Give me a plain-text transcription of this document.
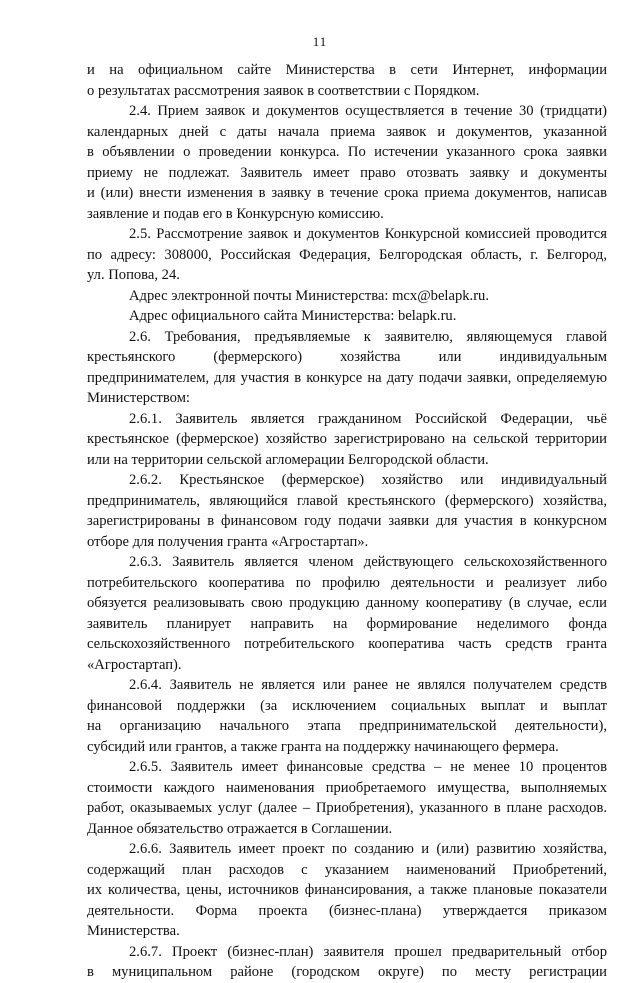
11
и на официальном сайте Министерства в сети Интернет, информации
о результатах рассмотрения заявок в соответствии с Порядком.
2.4. Прием заявок и документов осуществляется в течение 30 (тридцати)
календарных дней с даты начала приема заявок и документов, указанной
в объявлении о проведении конкурса. По истечении указанного срока заявки
приему не подлежат. Заявитель имеет право отозвать заявку и документы
и (или) внести изменения в заявку в течение срока приема документов, написав
заявление и подав его в Конкурсную комиссию.
2.5. Рассмотрение заявок и документов Конкурсной комиссией проводится
по адресу: 308000, Российская Федерация, Белгородская область, г. Белгород,
ул. Попова, 24.
Адрес электронной почты Министерства: mcx@belapk.ru.
Адрес официального сайта Министерства: belapk.ru.
2.6. Требования, предъявляемые к заявителю, являющемуся главой
крестьянского (фермерского) хозяйства или индивидуальным
предпринимателем, для участия в конкурсе на дату подачи заявки, определяемую
Министерством:
2.6.1. Заявитель является гражданином Российской Федерации, чьё
крестьянское (фермерское) хозяйство зарегистрировано на сельской территории
или на территории сельской агломерации Белгородской области.
2.6.2. Крестьянское (фермерское) хозяйство или индивидуальный
предприниматель, являющийся главой крестьянского (фермерского) хозяйства,
зарегистрированы в финансовом году подачи заявки для участия в конкурсном
отборе для получения гранта «Агростартап».
2.6.3. Заявитель является членом действующего сельскохозяйственного
потребительского кооператива по профилю деятельности и реализует либо
обязуется реализовывать свою продукцию данному кооперативу (в случае, если
заявитель планирует направить на формирование неделимого фонда
сельскохозяйственного потребительского кооператива часть средств гранта
«Агростартап).
2.6.4. Заявитель не является или ранее не являлся получателем средств
финансовой поддержки (за исключением социальных выплат и выплат
на организацию начального этапа предпринимательской деятельности),
субсидий или грантов, а также гранта на поддержку начинающего фермера.
2.6.5. Заявитель имеет финансовые средства – не менее 10 процентов
стоимости каждого наименования приобретаемого имущества, выполняемых
работ, оказываемых услуг (далее – Приобретения), указанного в плане расходов.
Данное обязательство отражается в Соглашении.
2.6.6. Заявитель имеет проект по созданию и (или) развитию хозяйства,
содержащий план расходов с указанием наименований Приобретений,
их количества, цены, источников финансирования, а также плановые показатели
деятельности. Форма проекта (бизнес-плана) утверждается приказом
Министерства.
2.6.7. Проект (бизнес-план) заявителя прошел предварительный отбор
в муниципальном районе (городском округе) по месту регистрации
